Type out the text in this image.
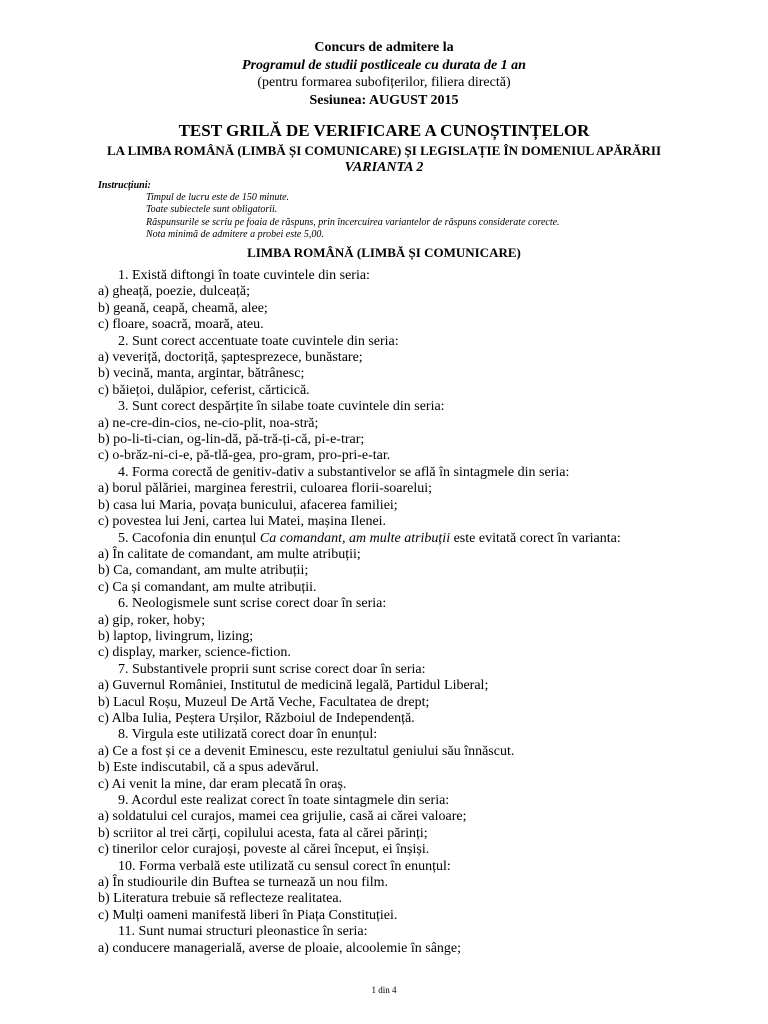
Concurs de admitere la
Programul de studii postliceale cu durata de 1 an
(pentru formarea subofițerilor, filiera directă)
Sesiunea: AUGUST 2015
TEST GRILĂ DE VERIFICARE A CUNOȘTINȚELOR
LA LIMBA ROMÂNĂ (LIMBĂ ȘI COMUNICARE) ȘI LEGISLAȚIE ÎN DOMENIUL APĂRĂRII
VARIANTA 2
Instrucțiuni:
Timpul de lucru este de 150 minute.
Toate subiectele sunt obligatorii.
Răspunsurile se scriu pe foaia de răspuns, prin încercuirea variantelor de răspuns considerate corecte.
Nota minimă de admitere a probei este 5,00.
LIMBA ROMÂNĂ (LIMBĂ ȘI COMUNICARE)
1. Există diftongi în toate cuvintele din seria:
a) gheață, poezie, dulceață;
b) geană, ceapă, cheamă, alee;
c) floare, soacră, moară, ateu.
2. Sunt corect accentuate toate cuvintele din seria:
a) veveriță, doctoriță, șaptesprezece, bunăstare;
b) vecină, manta, argintar, bătrânesc;
c) băiețoi, dulăpior, ceferist, cărticică.
3. Sunt corect despărțite în silabe toate cuvintele din seria:
a) ne-cre-din-cios, ne-cio-plit, noa-stră;
b) po-li-ti-cian, og-lin-dă, pă-tră-ți-că, pi-e-trar;
c) o-brăz-ni-ci-e, pă-tlă-gea, pro-gram, pro-pri-e-tar.
4. Forma corectă de genitiv-dativ a substantivelor se află în sintagmele din seria:
a) borul pălăriei, marginea ferestrii, culoarea florii-soarelui;
b) casa lui Maria, povața bunicului, afacerea familiei;
c) povestea lui Jeni, cartea lui Matei, mașina Ilenei.
5. Cacofonia din enunțul Ca comandant, am multe atribuții este evitată corect în varianta:
a) În calitate de comandant, am multe atribuții;
b) Ca, comandant, am multe atribuții;
c) Ca și comandant, am multe atribuții.
6. Neologismele sunt scrise corect doar în seria:
a) gip, roker, hoby;
b) laptop, livingrum, lizing;
c) display, marker, science-fiction.
7. Substantivele proprii sunt scrise corect doar în seria:
a) Guvernul României, Institutul de medicină legală, Partidul Liberal;
b) Lacul Roșu, Muzeul De Artă Veche, Facultatea de drept;
c) Alba Iulia, Peștera Urșilor, Războiul de Independență.
8. Virgula este utilizată corect doar în enunțul:
a) Ce a fost și ce a devenit Eminescu, este rezultatul geniului său înnăscut.
b) Este indiscutabil, că a spus adevărul.
c) Ai venit la mine, dar eram plecată în oraș.
9. Acordul este realizat corect în toate sintagmele din seria:
a) soldatului cel curajos, mamei cea grijulie, casă ai cărei valoare;
b) scriitor al trei cărți, copilului acesta, fata al cărei părinți;
c) tinerilor celor curajoși, poveste al cărei început, ei înșiși.
10. Forma verbală este utilizată cu sensul corect în enunțul:
a) În studiourile din Buftea se turnează un nou film.
b) Literatura trebuie să reflecteze realitatea.
c) Mulți oameni manifestă liberi în Piața Constituției.
11. Sunt numai structuri pleonastice în seria:
a) conducere managerială, averse de ploaie, alcoolemie în sânge;
1 din 4
